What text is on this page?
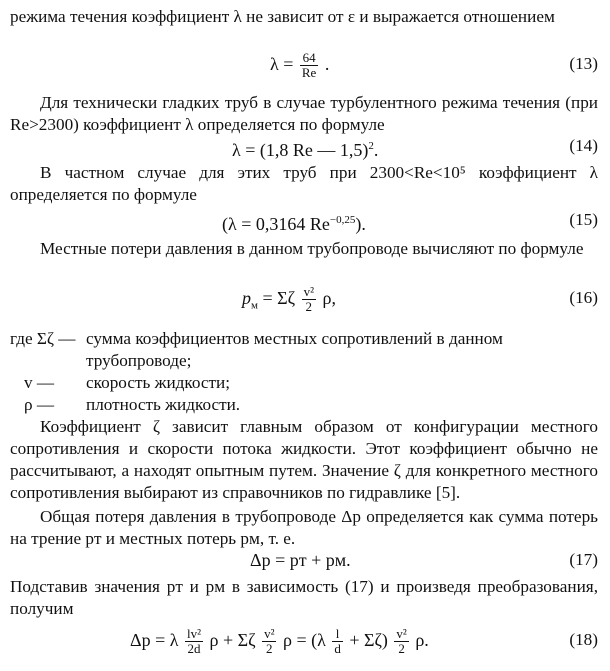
режима течения коэффициент λ не зависит от ε и выражается отношением
$\lambda = \frac{64}{Re}$ .	(13)
Для технически гладких труб в случае турбулентного режима течения (при Re>2300) коэффициент λ определяется по формуле
λ = (1,8 Re — 1,5)$^2$.	(14)
В частном случае для этих труб при 2300<Re<10⁵ коэффициент λ определяется по формуле
(λ = 0,3164 $Re^{-0,25}$).	(15)
Местные потери давления в данном трубопроводе вычисляют по формуле
$p_м = \Sigma\zeta \frac{\text{v²}}{2} \rho$,	(16)
где Σζ — сумма коэффициентов местных сопротивлений в данном трубопроводе;
v —	скорость жидкости;
ρ —	плотность жидкости.
Коэффициент ζ зависит главным образом от конфигурации местного сопротивления и скорости потока жидкости. Этот коэффициент обычно не рассчитывают, а находят опытным путем. Значение ζ для конкретного местного сопротивления выбирают из справочников по гидравлике [5].
Общая потеря давления в трубопроводе Δp определяется как сумма потерь на трение pт и местных потерь pм, т. е.
Δp = pт + pм.	(17)
Подставив значения pт и pм в зависимость (17) и произведя преобразования, получим
Δp = λ $\frac{\text{lv²}}{2d}$ ρ + Σζ $\frac{\text{v²}}{2}$ $\rho = (\lambda \frac{l}{d} + \Sigma\zeta) \frac{\text{v²}}{2} \rho$.	(18)
